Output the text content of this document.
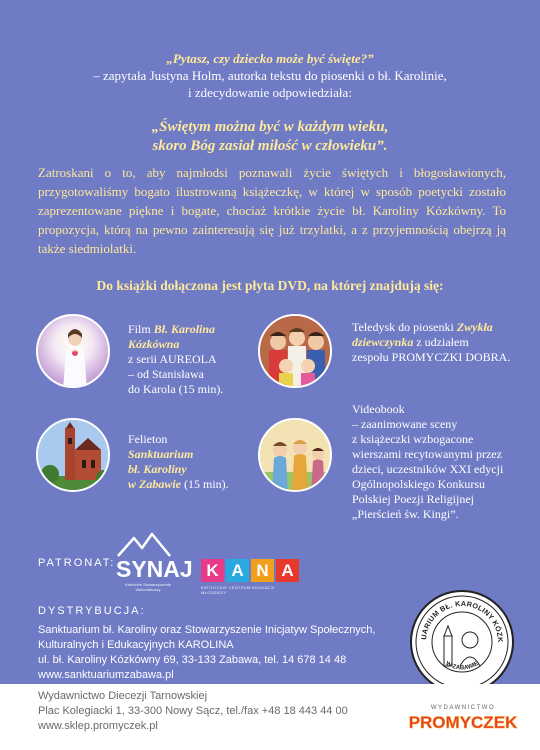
„Pytasz, czy dziecko może być święte?”
– zapytała Justyna Holm, autorka tekstu do piosenki o bł. Karolinie,
i zdecydowanie odpowiedziała:
„Świętym można być w każdym wieku,
skoro Bóg zasiał miłość w człowieku”.
Zatroskani o to, aby najmłodsi poznawali życie świętych i błogosławionych, przygotowaliśmy bogato ilustrowaną książeczkę, w której w sposób poetycki zostało zaprezentowane piękne i bogate, chociaż krótkie życie bł. Karoliny Kózkówny. To propozycja, którą na pewno zainteresują się już trzylatki, a z przyjemnością obejrzą ją także siedmiolatki.
Do książki dołączona jest płyta DVD, na której znajdują się:
Film Bł. Karolina
Kózkówna
z serii AUREOLA
– od Stanisława
do Karola (15 min).
Teledysk do piosenki Zwykła
dziewczynka z udziałem
zespołu PROMYCZKI DOBRA.
Felieton
Sanktuarium
bł. Karoliny
w Zabawie (15 min).
Videobook
– zaanimowane sceny
z książeczki wzbogacone
wierszami recytowanymi przez
dzieci, uczestników XXI edycji
Ogólnopolskiego Konkursu
Polskiej Poezji Religijnej
„Pierścień św. Kingi”.
PATRONAT: SYNAJ
Katolickie Stowarzyszenie Wolontariuszy
K A N A
KATOLICKIE CENTRUM EDUKACJI MŁODZIEŻY
DYSTRYBUCJA:
Sanktuarium bł. Karoliny oraz Stowarzyszenie Inicjatyw Społecznych,
Kulturalnych i Edukacyjnych KAROLINA
ul. bł. Karoliny Kózkówny 69, 33-133 Zabawa, tel. 14 678 14 48
www.sanktuariumzabawa.pl
UARIUM BŁ. KAROLINY KÓZK
W ZABAWIE
Wydawnictwo Diecezji Tarnowskiej
Plac Kolegiacki 1, 33-300 Nowy Sącz, tel./fax +48 18 443 44 00
www.sklep.promyczek.pl
WYDAWNICTWO
PROMYCZEK
